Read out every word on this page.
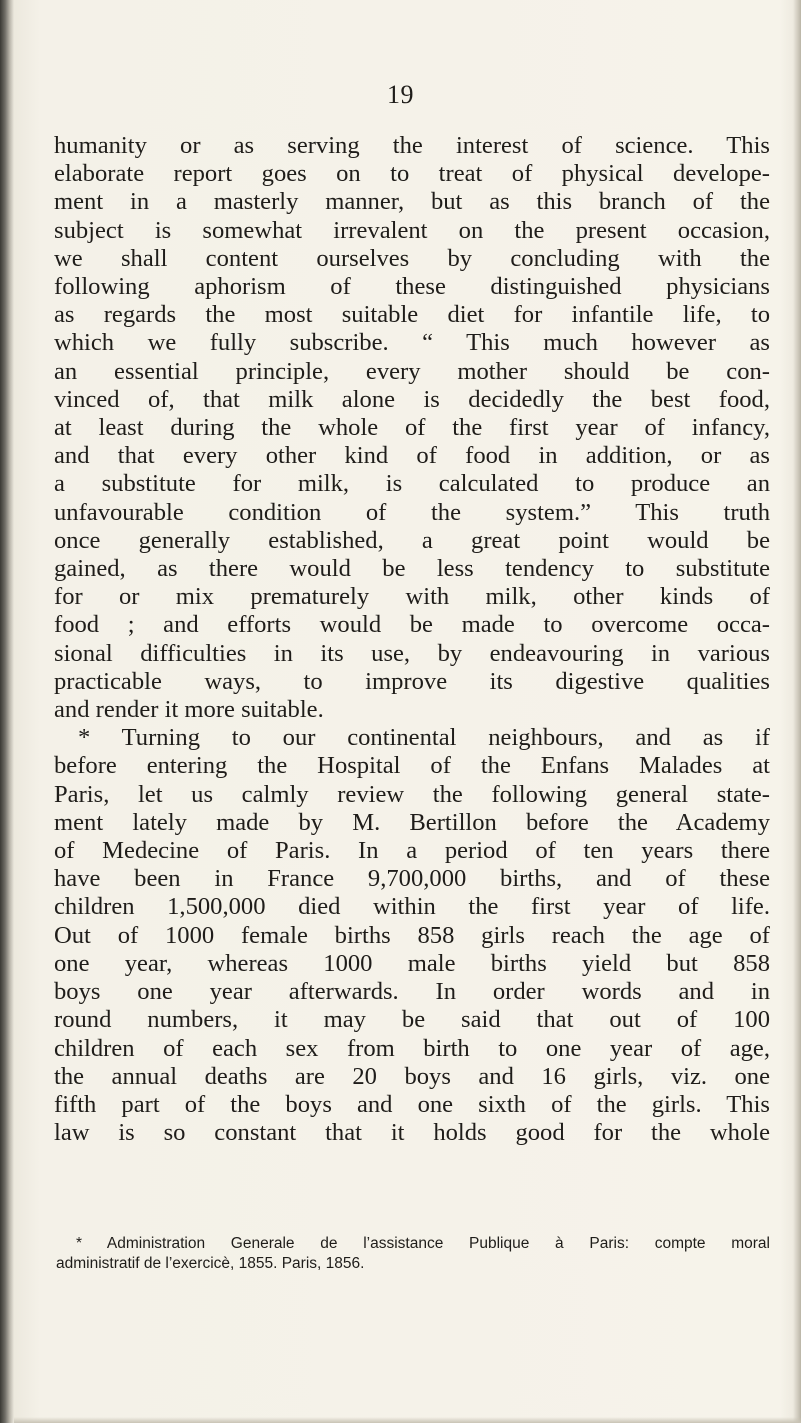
19
humanity or as serving the interest of science. This
elaborate report goes on to treat of physical develope-
ment in a masterly manner, but as this branch of the
subject is somewhat irrevalent on the present occasion,
we shall content ourselves by concluding with the
following aphorism of these distinguished physicians
as regards the most suitable diet for infantile life, to
which we fully subscribe. “ This much however as
an essential principle, every mother should be con-
vinced of, that milk alone is decidedly the best food,
at least during the whole of the first year of infancy,
and that every other kind of food in addition, or as
a substitute for milk, is calculated to produce an
unfavourable condition of the system.” This truth
once generally established, a great point would be
gained, as there would be less tendency to substitute
for or mix prematurely with milk, other kinds of
food ; and efforts would be made to overcome occa-
sional difficulties in its use, by endeavouring in various
practicable ways, to improve its digestive qualities
and render it more suitable.
* Turning to our continental neighbours, and as if
before entering the Hospital of the Enfans Malades at
Paris, let us calmly review the following general state-
ment lately made by M. Bertillon before the Academy
of Medecine of Paris. In a period of ten years there
have been in France 9,700,000 births, and of these
children 1,500,000 died within the first year of life.
Out of 1000 female births 858 girls reach the age of
one year, whereas 1000 male births yield but 858
boys one year afterwards. In order words and in
round numbers, it may be said that out of 100
children of each sex from birth to one year of age,
the annual deaths are 20 boys and 16 girls, viz. one
fifth part of the boys and one sixth of the girls. This
law is so constant that it holds good for the whole
* Administration Generale de l’assistance Publique à Paris: compte moral
administratif de l’exercicè, 1855. Paris, 1856.
